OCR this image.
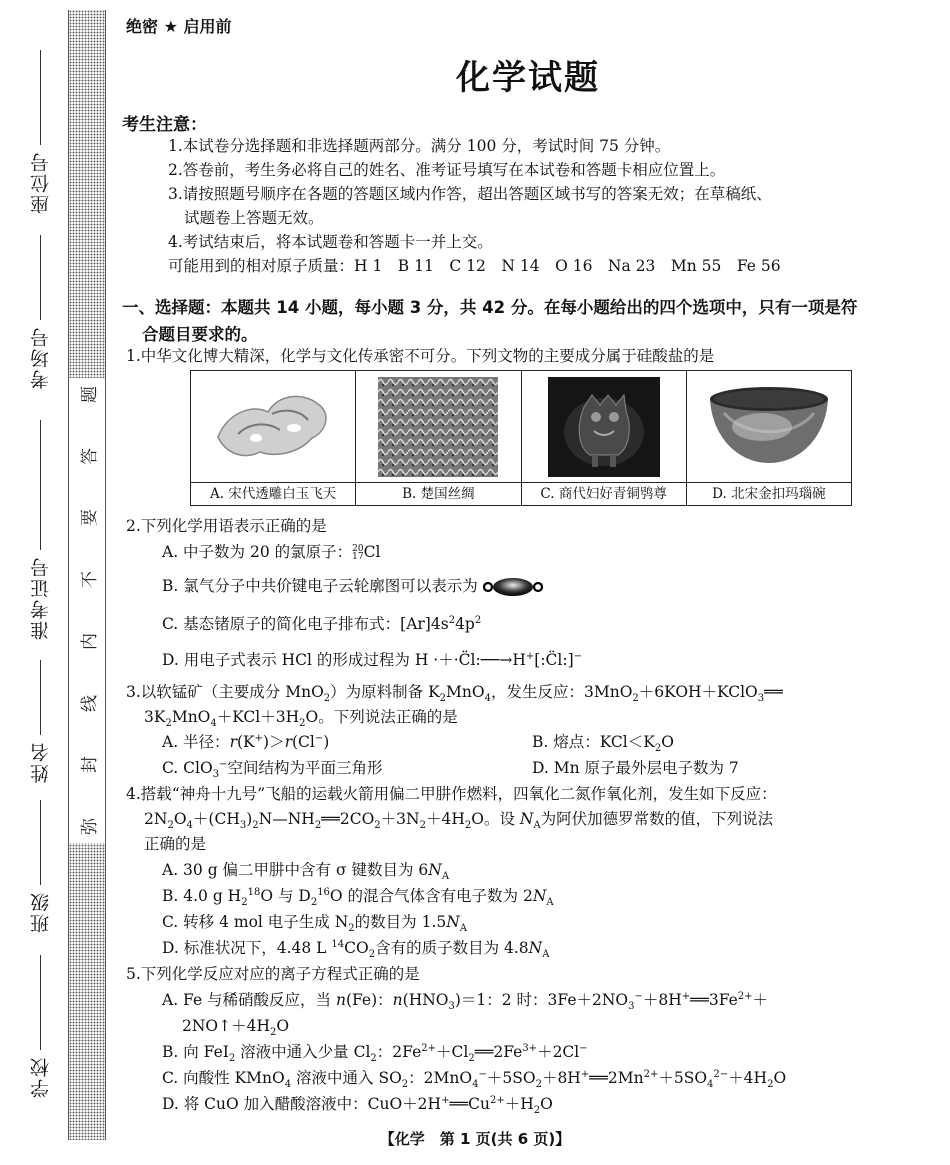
座位号
考场号
准考证号
姓名
班级
学校
题
答
要
不
内
线
封
弥
绝密 ★ 启用前
化学试题
考生注意：
1.本试卷分选择题和非选择题两部分。满分 100 分，考试时间 75 分钟。
2.答卷前，考生务必将自己的姓名、准考证号填写在本试卷和答题卡相应位置上。
3.请按照题号顺序在各题的答题区域内作答，超出答题区域书写的答案无效；在草稿纸、
试题卷上答题无效。
4.考试结束后，将本试题卷和答题卡一并上交。
可能用到的相对原子质量：H 1　B 11　C 12　N 14　O 16　Na 23　Mn 55　Fe 56
一、选择题：本题共 14 小题，每小题 3 分，共 42 分。在每小题给出的四个选项中，只有一项是符
合题目要求的。
1.中华文化博大精深，化学与文化传承密不可分。下列文物的主要成分属于硅酸盐的是
A. 宋代透雕白玉飞天	B. 楚国丝绸	C. 商代妇好青铜鸮尊	D. 北宋金扣玛瑙碗
2.下列化学用语表示正确的是
A. 中子数为 20 的氯原子：20
17Cl
B. 氯气分子中共价键电子云轮廓图可以表示为
C. 基态锗原子的简化电子排布式：$[Ar]4s^24p^2$
D. 用电子式表示 HCl 的形成过程为 H ·＋·C̈l:──→H+[:C̈l:]−
3.以软锰矿（主要成分 MnO$_2$）为原料制备 $K_2MnO_4$，发生反应：3MnO$_2$＋6KOH＋KClO$_3$══
$3K_2MnO_4+KCl+3H_2O$。下列说法正确的是
A. 半径：r(K+)＞r(Cl−)	B. 熔点：$KCl<K_2O$
C. ClO$_3$−空间结构为平面三角形	D. Mn 原子最外层电子数为 7
4.搭载“神舟十九号”飞船的运载火箭用偏二甲肼作燃料，四氧化二氮作氧化剂，发生如下反应：
$2N_2O_4+(CH_3)_2N—NH_2══2CO_2+3N_2+4H_2O$。设 $N_A$为阿伏加德罗常数的值，下列说法
正确的是
A. 30 g 偏二甲肼中含有 σ 键数目为 $6N_A$
B. 4.0 g $H_2^{18}O$ 与 $D_2^{16}O$ 的混合气体含有电子数为 $2N_A$
C. 转移 4 mol 电子生成 $N_2$的数目为 $1.5N_A$
D. 标准状况下，4.48 L $^{14}CO_2$含有的质子数目为 $4.8N_A$
5.下列化学反应对应的离子方程式正确的是
A. Fe 与稀硝酸反应，当 n(Fe)：$n(HNO_3)=1$：2 时：$3Fe+2NO_3^-+8H^+══3Fe^{2+}+$
$2NO↑+4H_2O$
B. 向 FeI$_2$ 溶液中通入少量 $Cl_2$：$2Fe^{2+}+Cl_2══2Fe^{3+}+2Cl^-$
C. 向酸性 KMnO$_4$ 溶液中通入 $SO_2$：$2MnO_4^-+5SO_2+8H^+══2Mn^{2+}+5SO_4^{2-}+4H_2O$
D. 将 CuO 加入醋酸溶液中：$CuO+2H^+══Cu^{2+}+H_2O$
【化学　第 1 页(共 6 页)】
